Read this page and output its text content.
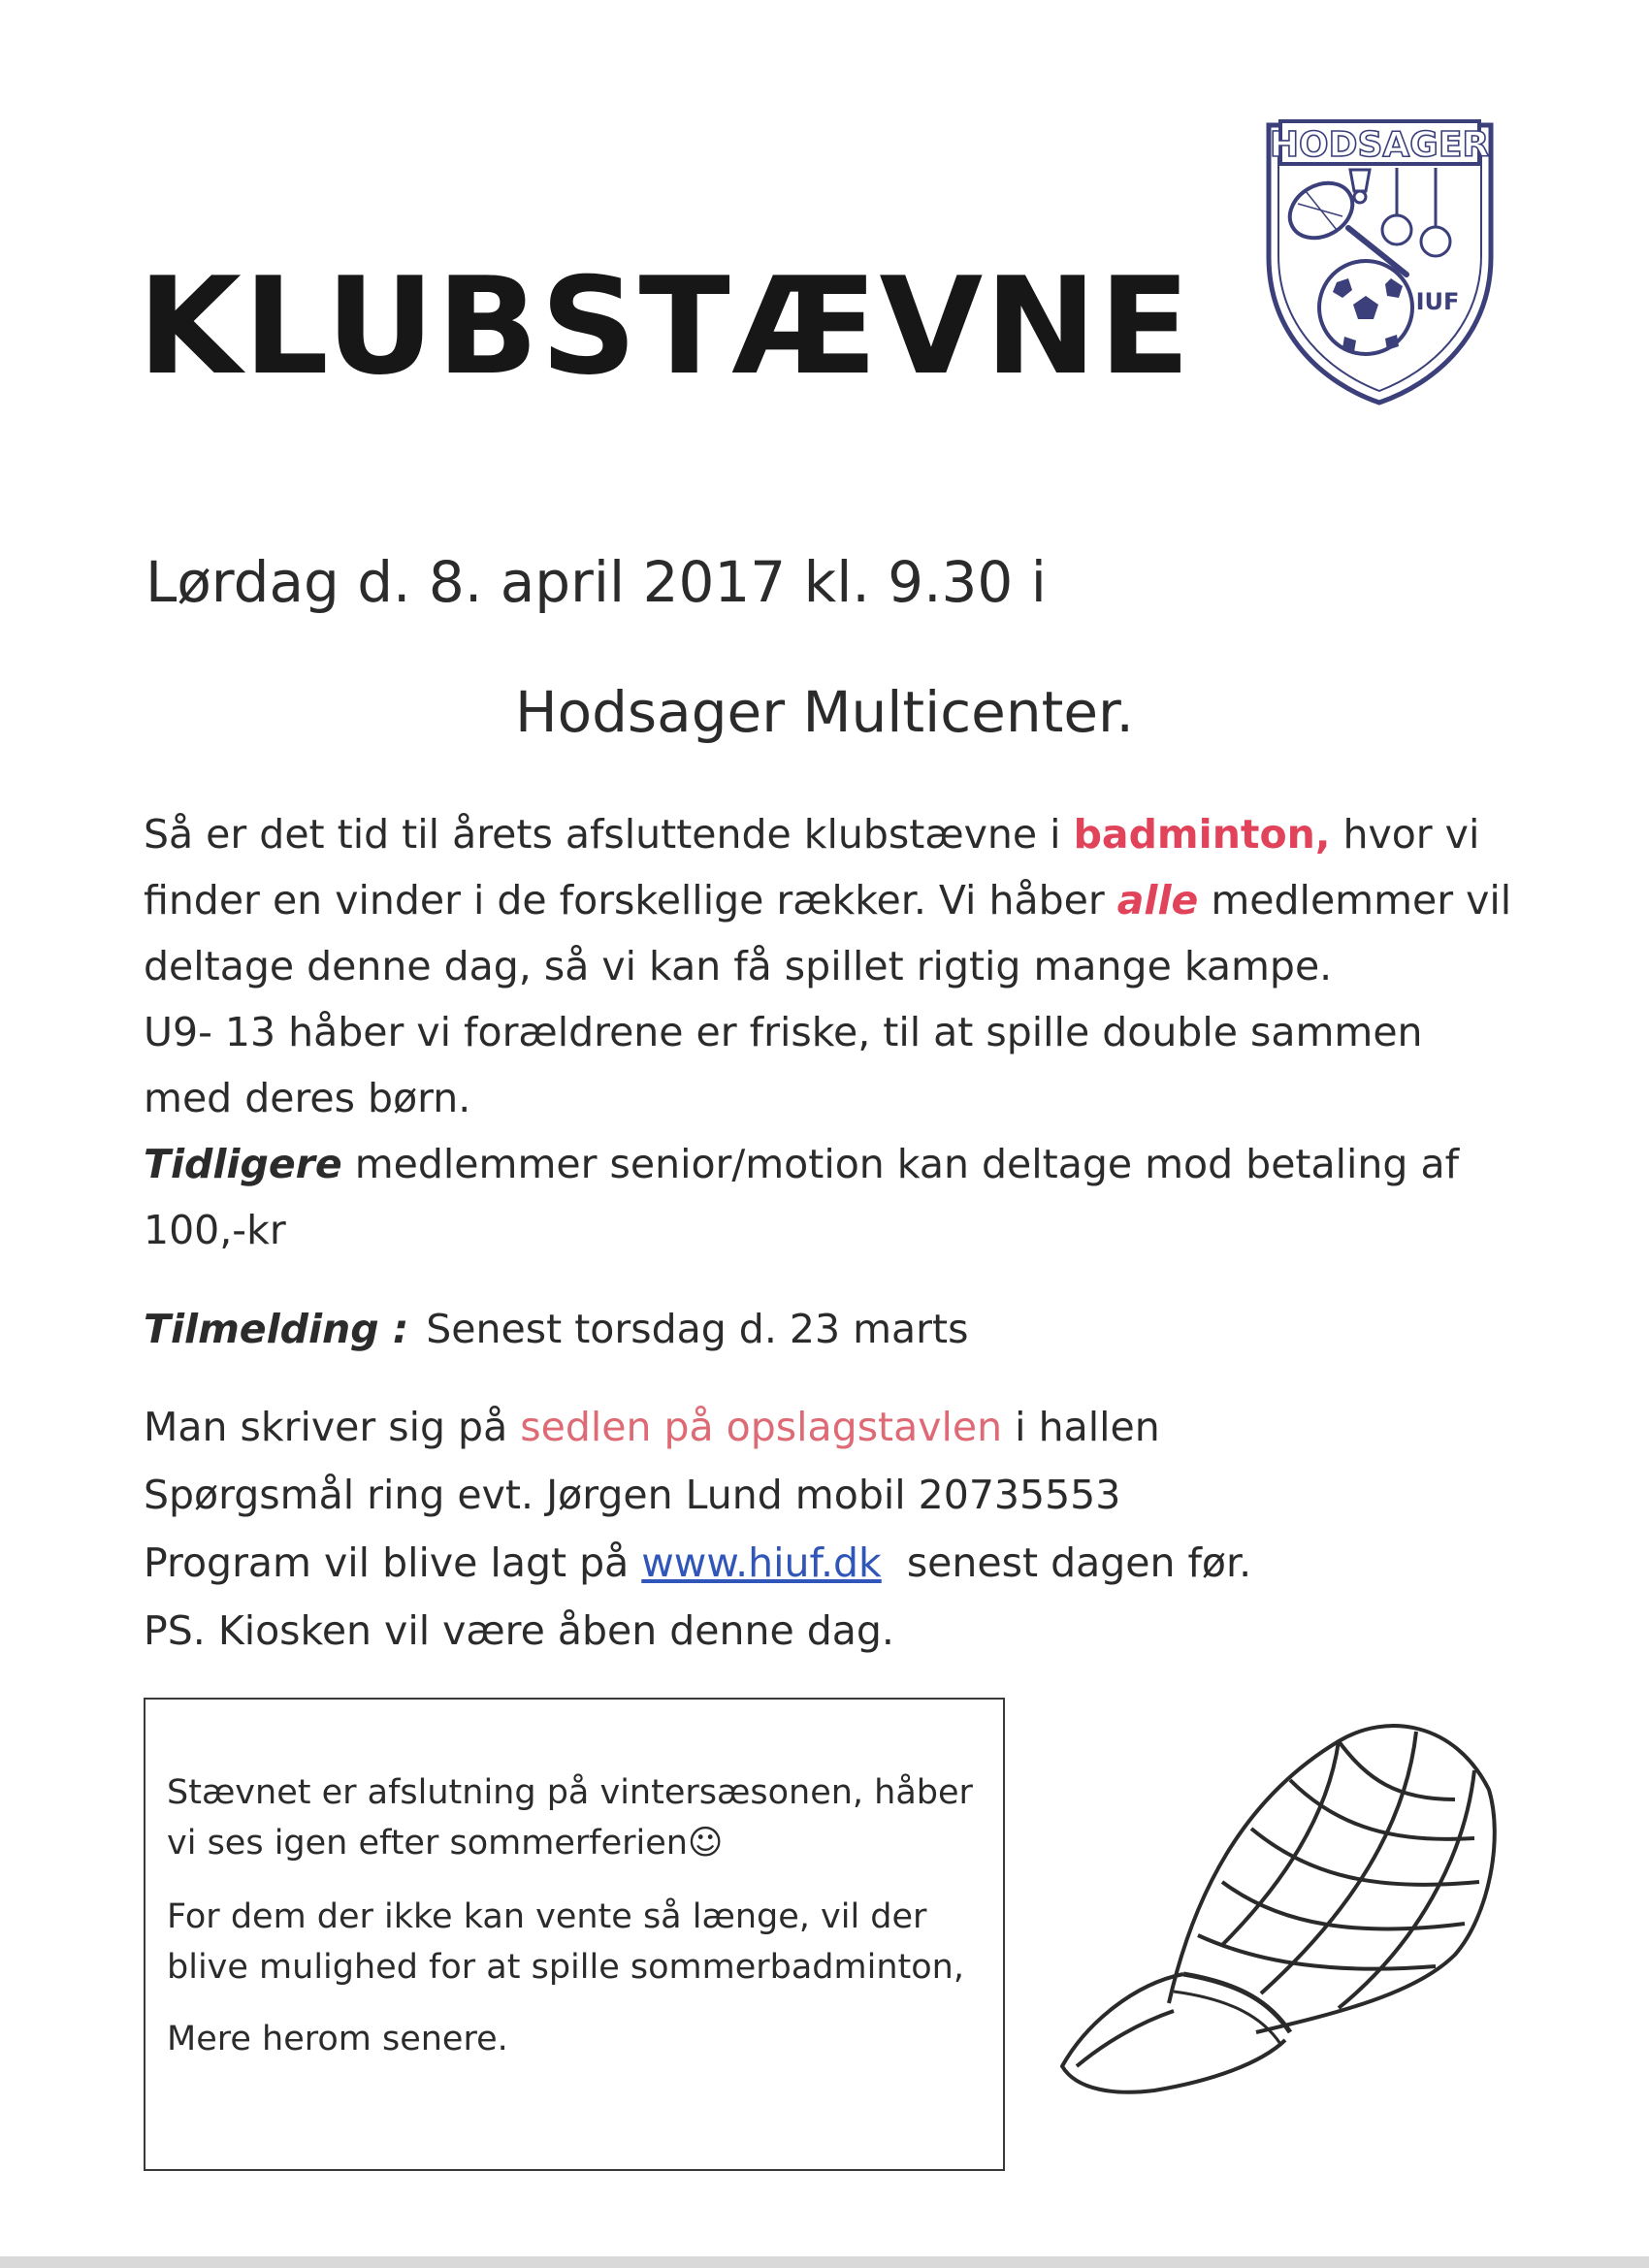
KLUBSTÆVNE
HODSAGER
IUF

Lørdag d. 8. april 2017 kl. 9.30 i

Hodsager Multicenter.

Så er det tid til årets afsluttende klubstævne i badminton, hvor vi finder en vinder i de forskellige rækker. Vi håber alle medlemmer vil deltage denne dag, så vi kan få spillet rigtig mange kampe.

U9- 13 håber vi forældrene er friske, til at spille double sammen med deres børn.

Tidligere medlemmer senior/motion kan deltage mod betaling af 100,-kr

Tilmelding : Senest torsdag d. 23 marts

Man skriver sig på sedlen på opslagstavlen i hallen

Spørgsmål ring evt. Jørgen Lund mobil 20735553

Program vil blive lagt på www.hiuf.dk  senest dagen før.

PS. Kiosken vil være åben denne dag.

Stævnet er afslutning på vintersæsonen, håber vi ses igen efter sommerferien☺

For dem der ikke kan vente så længe, vil der blive mulighed for at spille sommerbadminton,

Mere herom senere.
